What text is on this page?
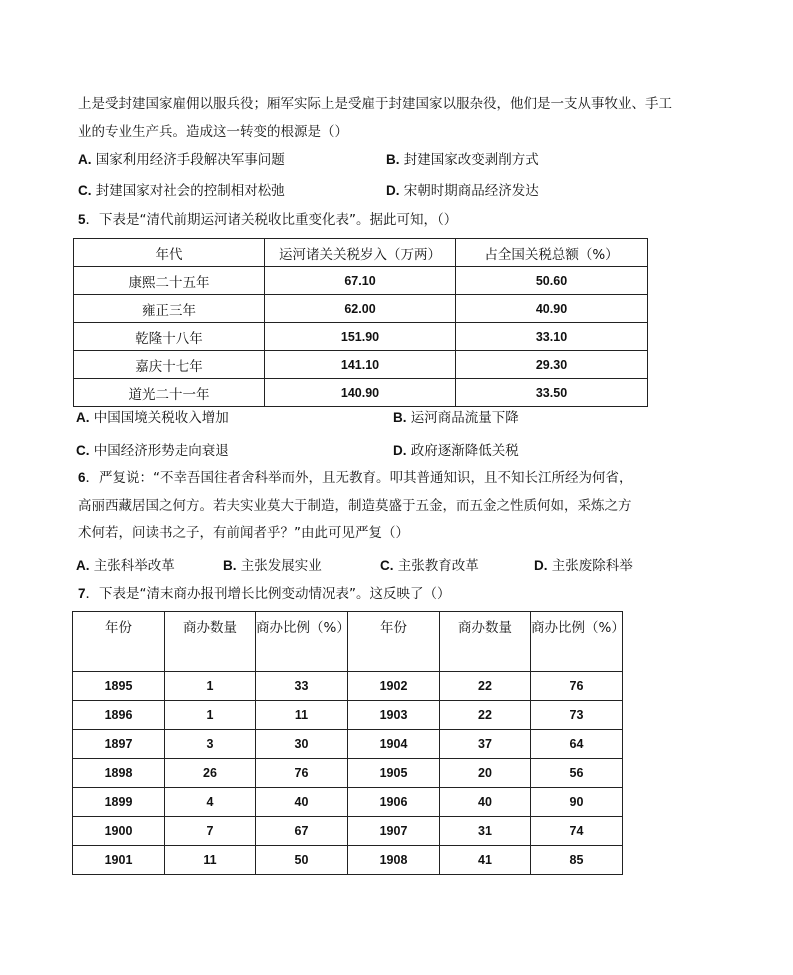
上是受封建国家雇佣以服兵役；厢军实际上是受雇于封建国家以服杂役，他们是一支从事牧业、手工
业的专业生产兵。造成这一转变的根源是（）
A. 国家利用经济手段解决军事问题	B. 封建国家改变剥削方式
C. 封建国家对社会的控制相对松弛	D. 宋朝时期商品经济发达
5．下表是“清代前期运河诸关税收比重变化表”。据此可知，（）
年代	运河诸关关税岁入（万两）	占全国关税总额（%）
康熙二十五年	67.10	50.60
雍正三年	62.00	40.90
乾隆十八年	151.90	33.10
嘉庆十七年	141.10	29.30
道光二十一年	140.90	33.50
A. 中国国境关税收入增加	B. 运河商品流量下降
C. 中国经济形势走向衰退	D. 政府逐渐降低关税
6．严复说：“不幸吾国往者舍科举而外，且无教育。叩其普通知识，且不知长江所经为何省，
高丽西藏居国之何方。若夫实业莫大于制造，制造莫盛于五金，而五金之性质何如，采炼之方
术何若，问读书之子，有前闻者乎？”由此可见严复（）
A. 主张科举改革	B. 主张发展实业	C. 主张教育改革	D. 主张废除科举
7．下表是“清末商办报刊增长比例变动情况表”。这反映了（）
年份	商办数量	商办比例（%）	年份	商办数量	商办比例（%）
1895	1	33	1902	22	76
1896	1	11	1903	22	73
1897	3	30	1904	37	64
1898	26	76	1905	20	56
1899	4	40	1906	40	90
1900	7	67	1907	31	74
1901	11	50	1908	41	85
